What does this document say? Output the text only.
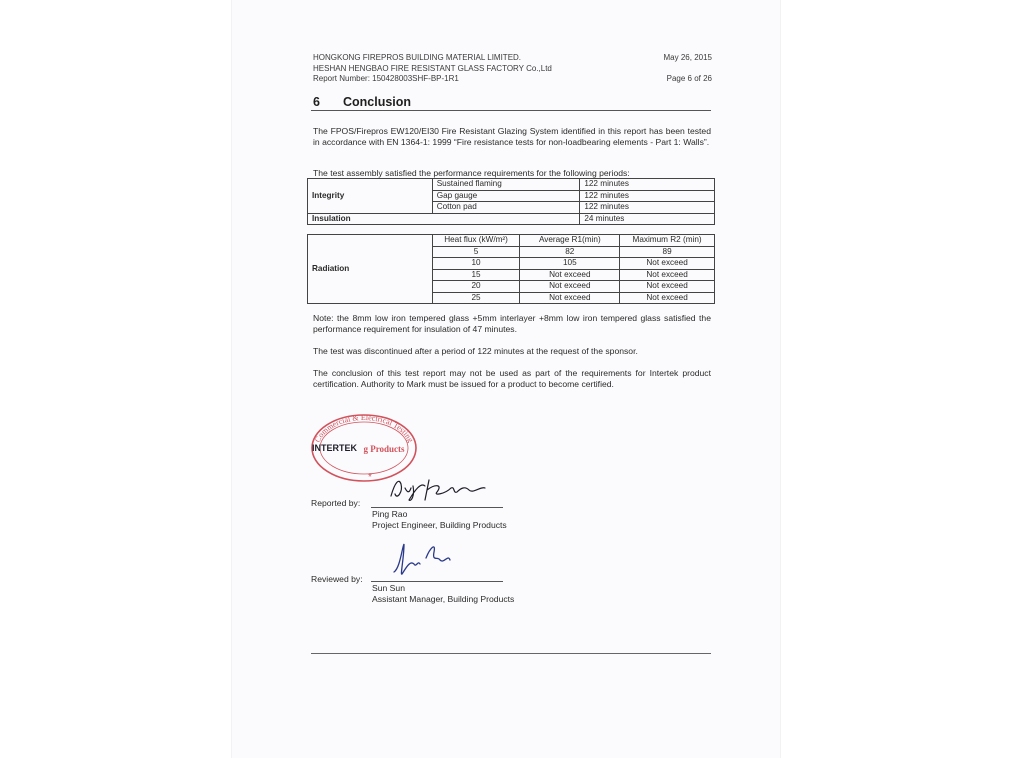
HONGKONG FIREPROS BUILDING MATERIAL LIMITED.
HESHAN HENGBAO FIRE RESISTANT GLASS FACTORY Co.,Ltd
Report Number: 150428003SHF-BP-1R1
May 26, 2015
Page 6 of 26
6 Conclusion
The FPOS/Firepros EW120/EI30 Fire Resistant Glazing System identified in this report has been tested in accordance with EN 1364-1: 1999 “Fire resistance tests for non-loadbearing elements - Part 1: Walls”.
The test assembly satisfied the performance requirements for the following periods:
Integrity	Sustained flaming	122 minutes
	Gap gauge	122 minutes
	Cotton pad	122 minutes
Insulation		24 minutes
Radiation	Heat flux (kW/m²)	Average R1(min)	Maximum R2 (min)
	5	82	89
	10	105	Not exceed
	15	Not exceed	Not exceed
	20	Not exceed	Not exceed
	25	Not exceed	Not exceed
Note: the 8mm low iron tempered glass +5mm interlayer +8mm low iron tempered glass satisfied the performance requirement for insulation of 47 minutes.
The test was discontinued after a period of 122 minutes at the request of the sponsor.
The conclusion of this test report may not be used as part of the requirements for Intertek product certification. Authority to Mark must be issued for a product to become certified.
Commercial & Electrical Testing
g Products
*
INTERTEK
Reported by:
Ping Rao
Project Engineer, Building Products
Reviewed by:
Sun Sun
Assistant Manager, Building Products
